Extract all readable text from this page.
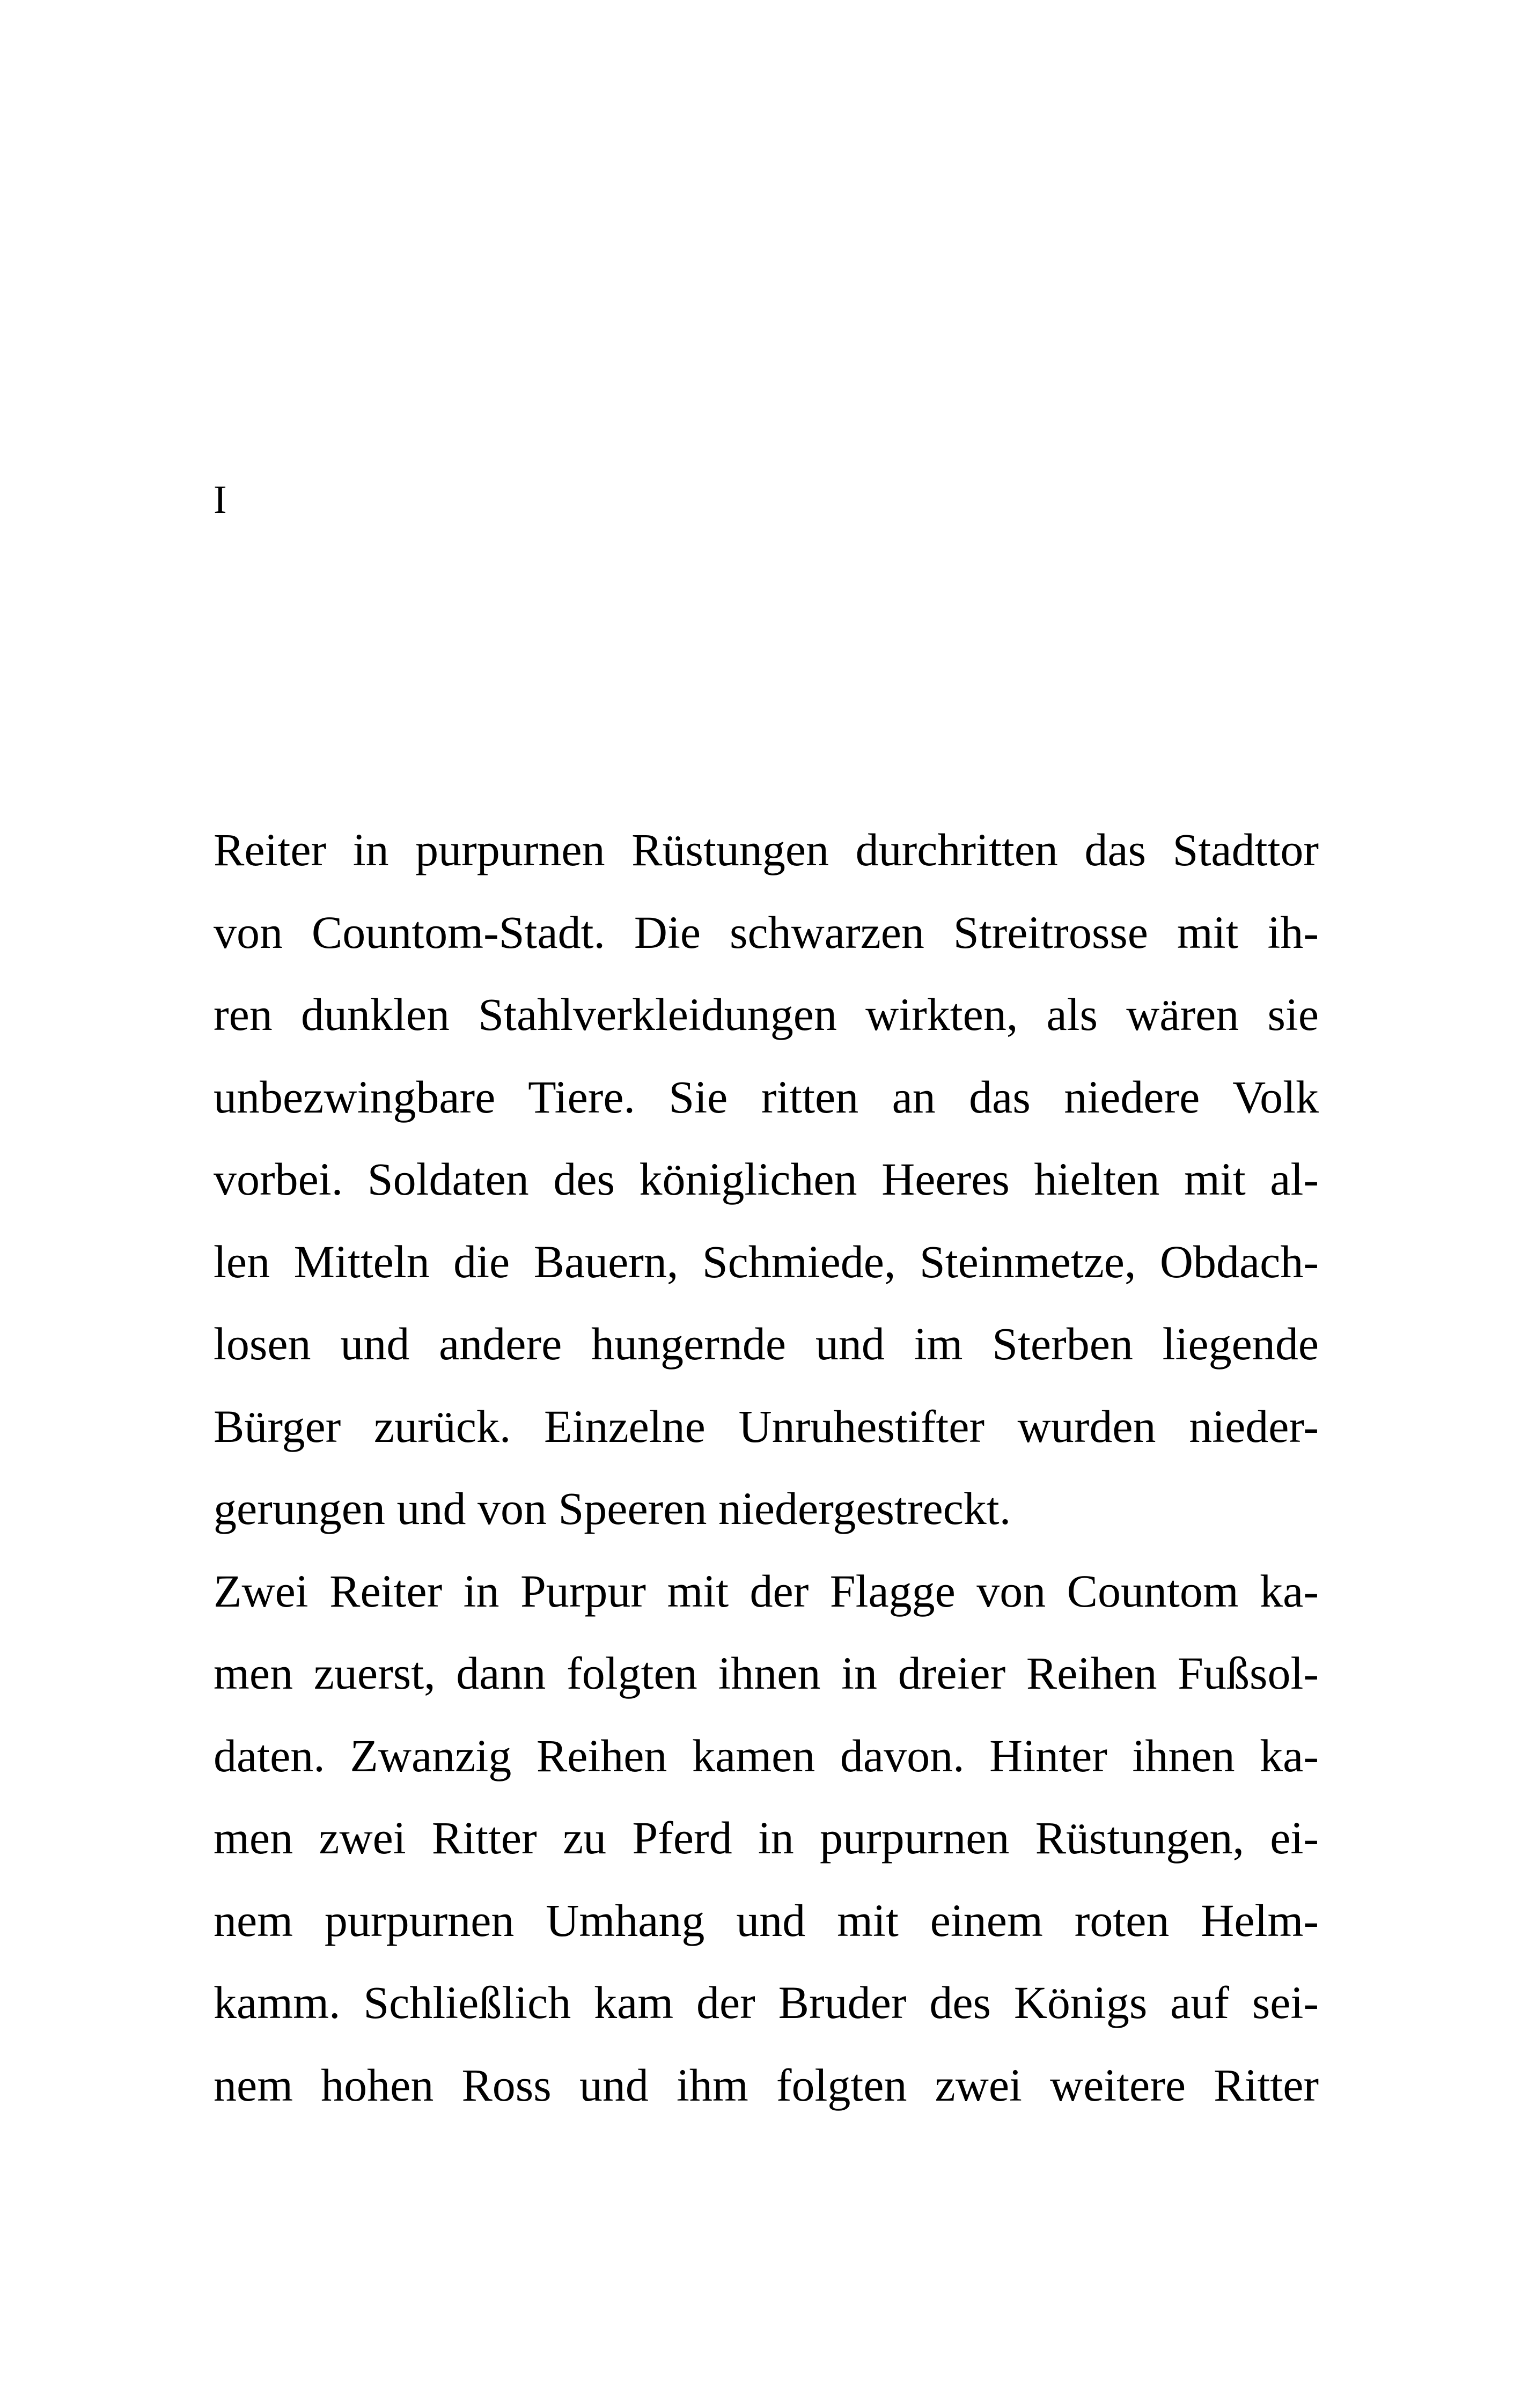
I
Reiter in purpurnen Rüstungen durchritten das Stadttor
von Countom-Stadt. Die schwarzen Streitrosse mit ih-
ren dunklen Stahlverkleidungen wirkten, als wären sie
unbezwingbare Tiere. Sie ritten an das niedere Volk
vorbei. Soldaten des königlichen Heeres hielten mit al-
len Mitteln die Bauern, Schmiede, Steinmetze, Obdach-
losen und andere hungernde und im Sterben liegende
Bürger zurück. Einzelne Unruhestifter wurden nieder-
gerungen und von Speeren niedergestreckt.
Zwei Reiter in Purpur mit der Flagge von Countom ka-
men zuerst, dann folgten ihnen in dreier Reihen Fußsol-
daten. Zwanzig Reihen kamen davon. Hinter ihnen ka-
men zwei Ritter zu Pferd in purpurnen Rüstungen, ei-
nem purpurnen Umhang und mit einem roten Helm-
kamm. Schließlich kam der Bruder des Königs auf sei-
nem hohen Ross und ihm folgten zwei weitere Ritter
